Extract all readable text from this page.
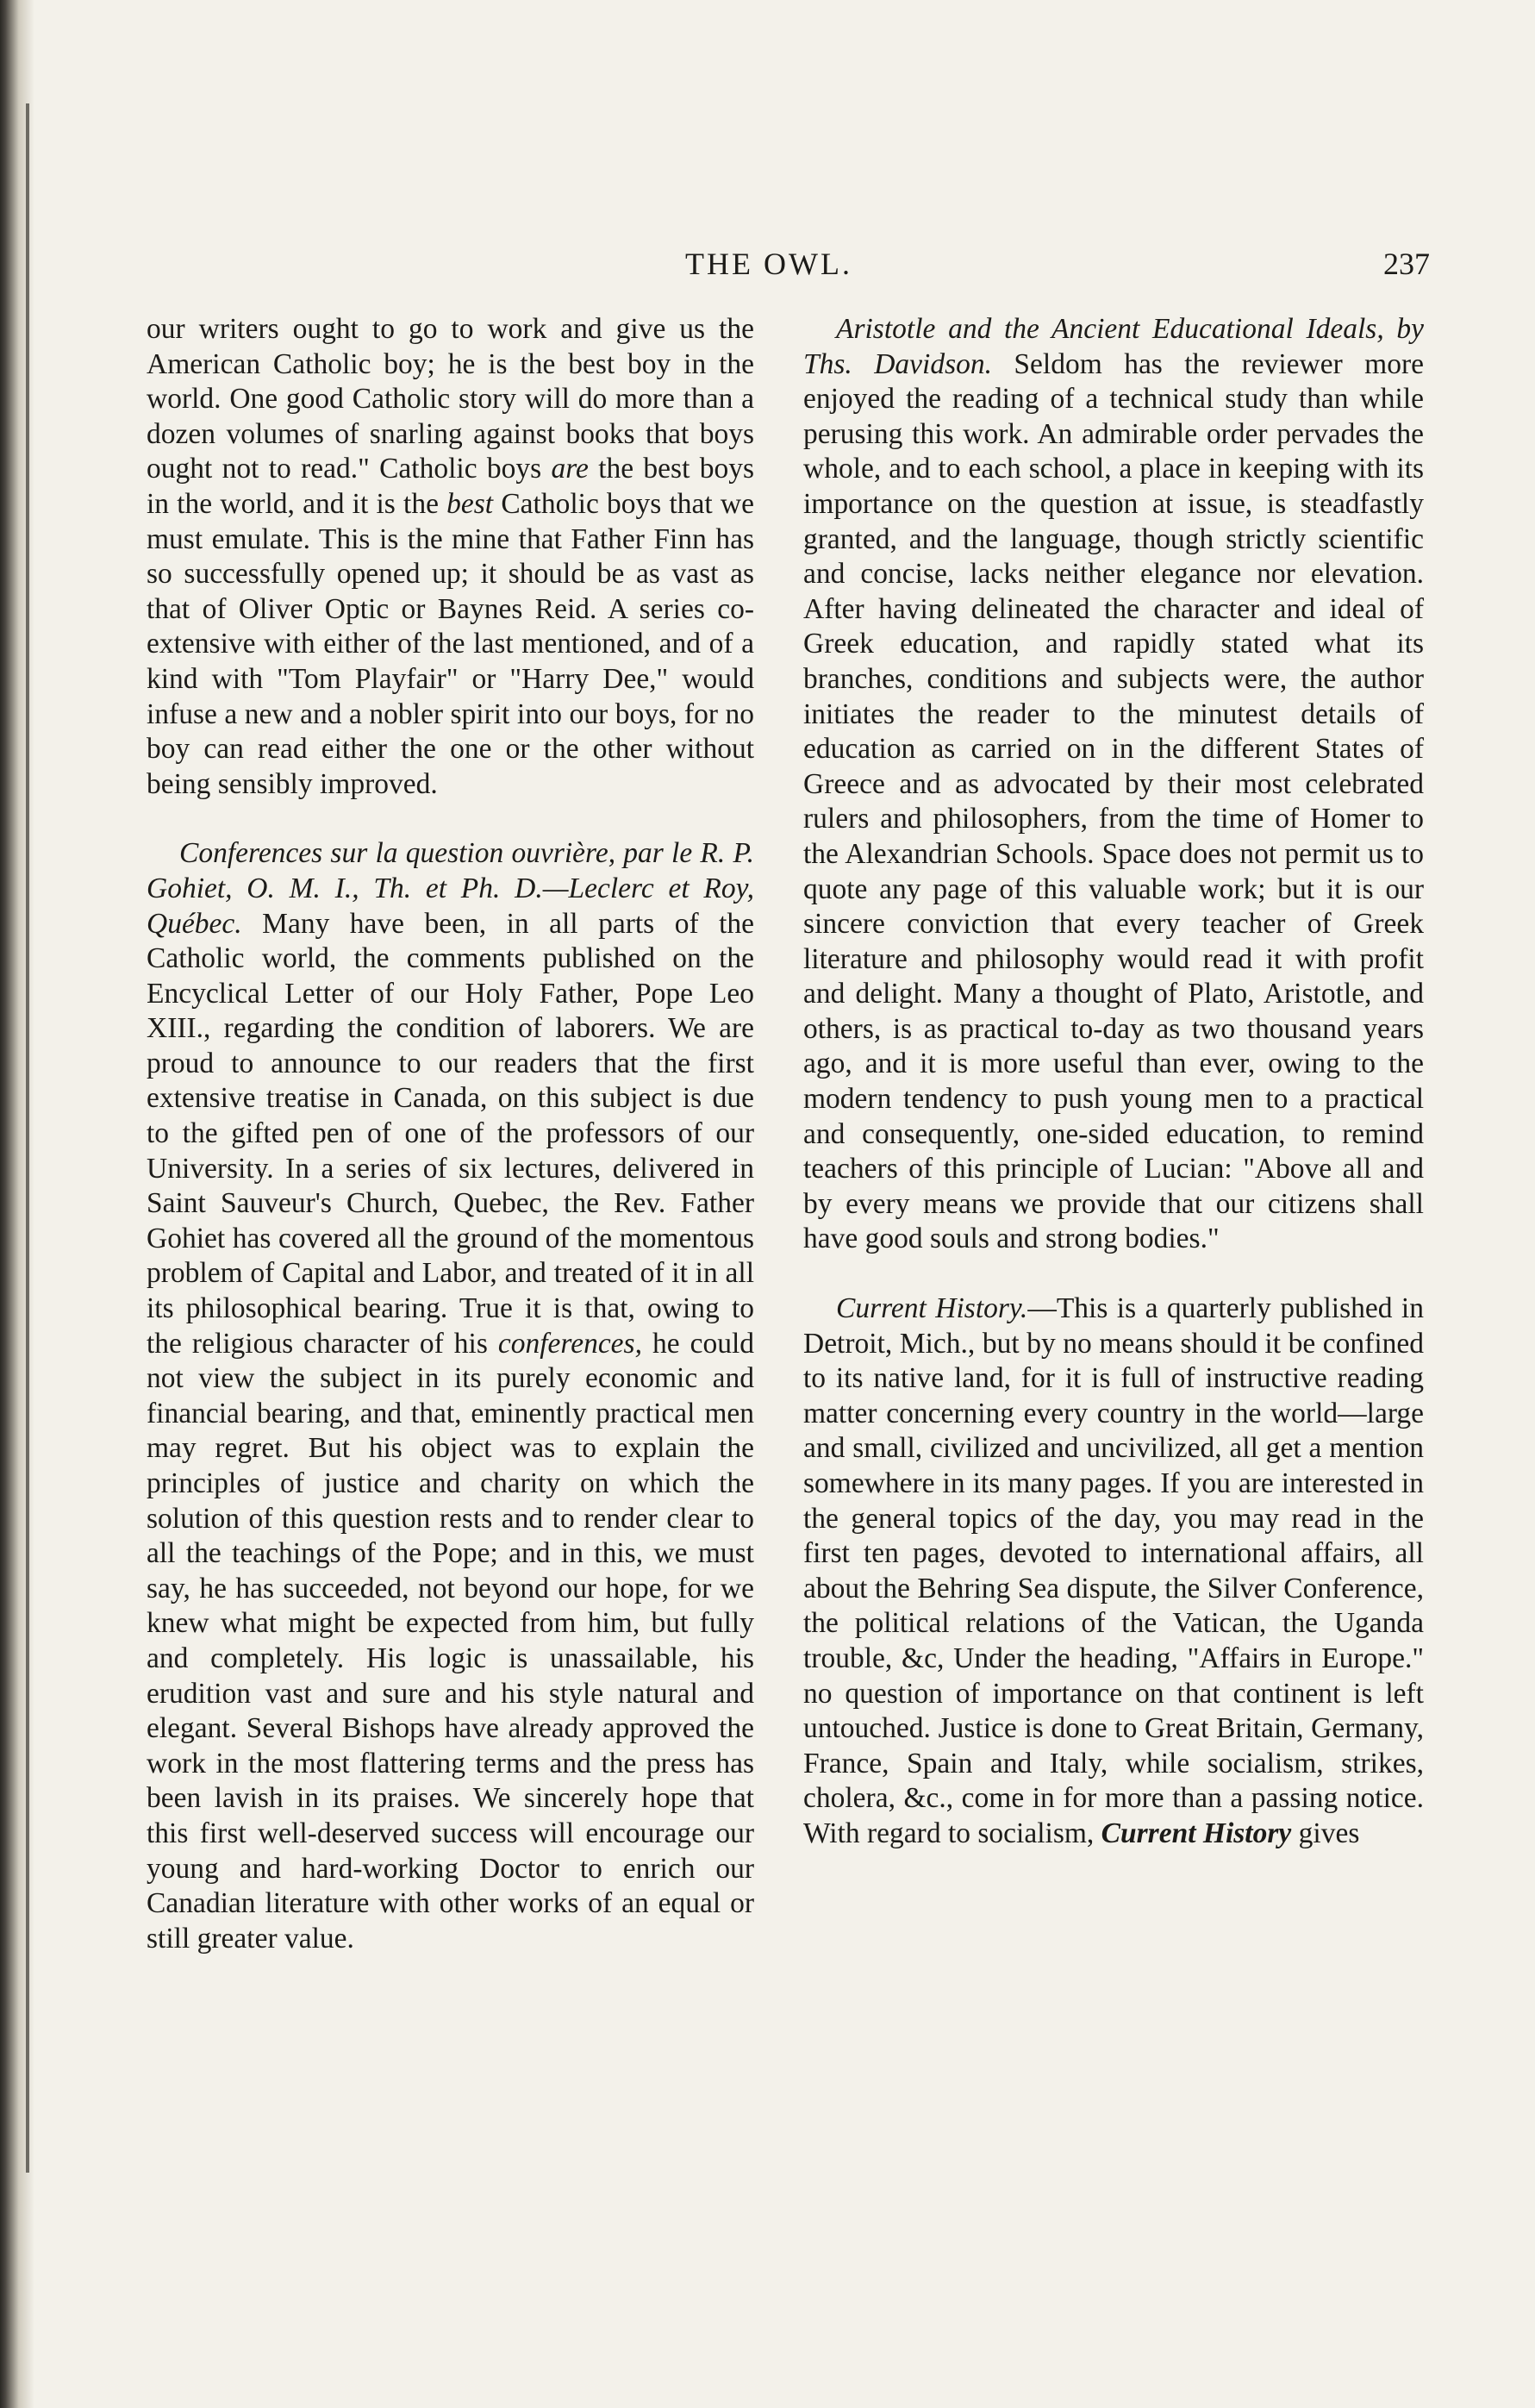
THE OWL.	237

our writers ought to go to work and give us the American Catholic boy; he is the best boy in the world. One good Catholic story will do more than a dozen volumes of snarling against books that boys ought not to read." Catholic boys are the best boys in the world, and it is the best Catholic boys that we must emulate. This is the mine that Father Finn has so successfully opened up; it should be as vast as that of Oliver Optic or Baynes Reid. A series co-extensive with either of the last mentioned, and of a kind with "Tom Playfair" or "Harry Dee," would infuse a new and a nobler spirit into our boys, for no boy can read either the one or the other without being sensibly improved.

Conferences sur la question ouvrière, par le R. P. Gohiet, O. M. I., Th. et Ph. D.—Leclerc et Roy, Québec. Many have been, in all parts of the Catholic world, the comments published on the Encyclical Letter of our Holy Father, Pope Leo XIII., regarding the condition of laborers. We are proud to announce to our readers that the first extensive treatise in Canada, on this subject is due to the gifted pen of one of the professors of our University. In a series of six lectures, delivered in Saint Sauveur's Church, Quebec, the Rev. Father Gohiet has covered all the ground of the momentous problem of Capital and Labor, and treated of it in all its philosophical bearing. True it is that, owing to the religious character of his conferences, he could not view the subject in its purely economic and financial bearing, and that, eminently practical men may regret. But his object was to explain the principles of justice and charity on which the solution of this question rests and to render clear to all the teachings of the Pope; and in this, we must say, he has succeeded, not beyond our hope, for we knew what might be expected from him, but fully and completely. His logic is unassailable, his erudition vast and sure and his style natural and elegant. Several Bishops have already approved the work in the most flattering terms and the press has been lavish in its praises. We sincerely hope that this first well-deserved success will encourage our young and hard-working Doctor to enrich our Canadian literature with other works of an equal or still greater value.

Aristotle and the Ancient Educational Ideals, by Ths. Davidson. Seldom has the reviewer more enjoyed the reading of a technical study than while perusing this work. An admirable order pervades the whole, and to each school, a place in keeping with its importance on the question at issue, is steadfastly granted, and the language, though strictly scientific and concise, lacks neither elegance nor elevation. After having delineated the character and ideal of Greek education, and rapidly stated what its branches, conditions and subjects were, the author initiates the reader to the minutest details of education as carried on in the different States of Greece and as advocated by their most celebrated rulers and philosophers, from the time of Homer to the Alexandrian Schools. Space does not permit us to quote any page of this valuable work; but it is our sincere conviction that every teacher of Greek literature and philosophy would read it with profit and delight. Many a thought of Plato, Aristotle, and others, is as practical to-day as two thousand years ago, and it is more useful than ever, owing to the modern tendency to push young men to a practical and consequently, one-sided education, to remind teachers of this principle of Lucian: "Above all and by every means we provide that our citizens shall have good souls and strong bodies."

Current History.—This is a quarterly published in Detroit, Mich., but by no means should it be confined to its native land, for it is full of instructive reading matter concerning every country in the world—large and small, civilized and uncivilized, all get a mention somewhere in its many pages. If you are interested in the general topics of the day, you may read in the first ten pages, devoted to international affairs, all about the Behring Sea dispute, the Silver Conference, the political relations of the Vatican, the Uganda trouble, &c, Under the heading, "Affairs in Europe." no question of importance on that continent is left untouched. Justice is done to Great Britain, Germany, France, Spain and Italy, while socialism, strikes, cholera, &c., come in for more than a passing notice. With regard to socialism, Current History gives
